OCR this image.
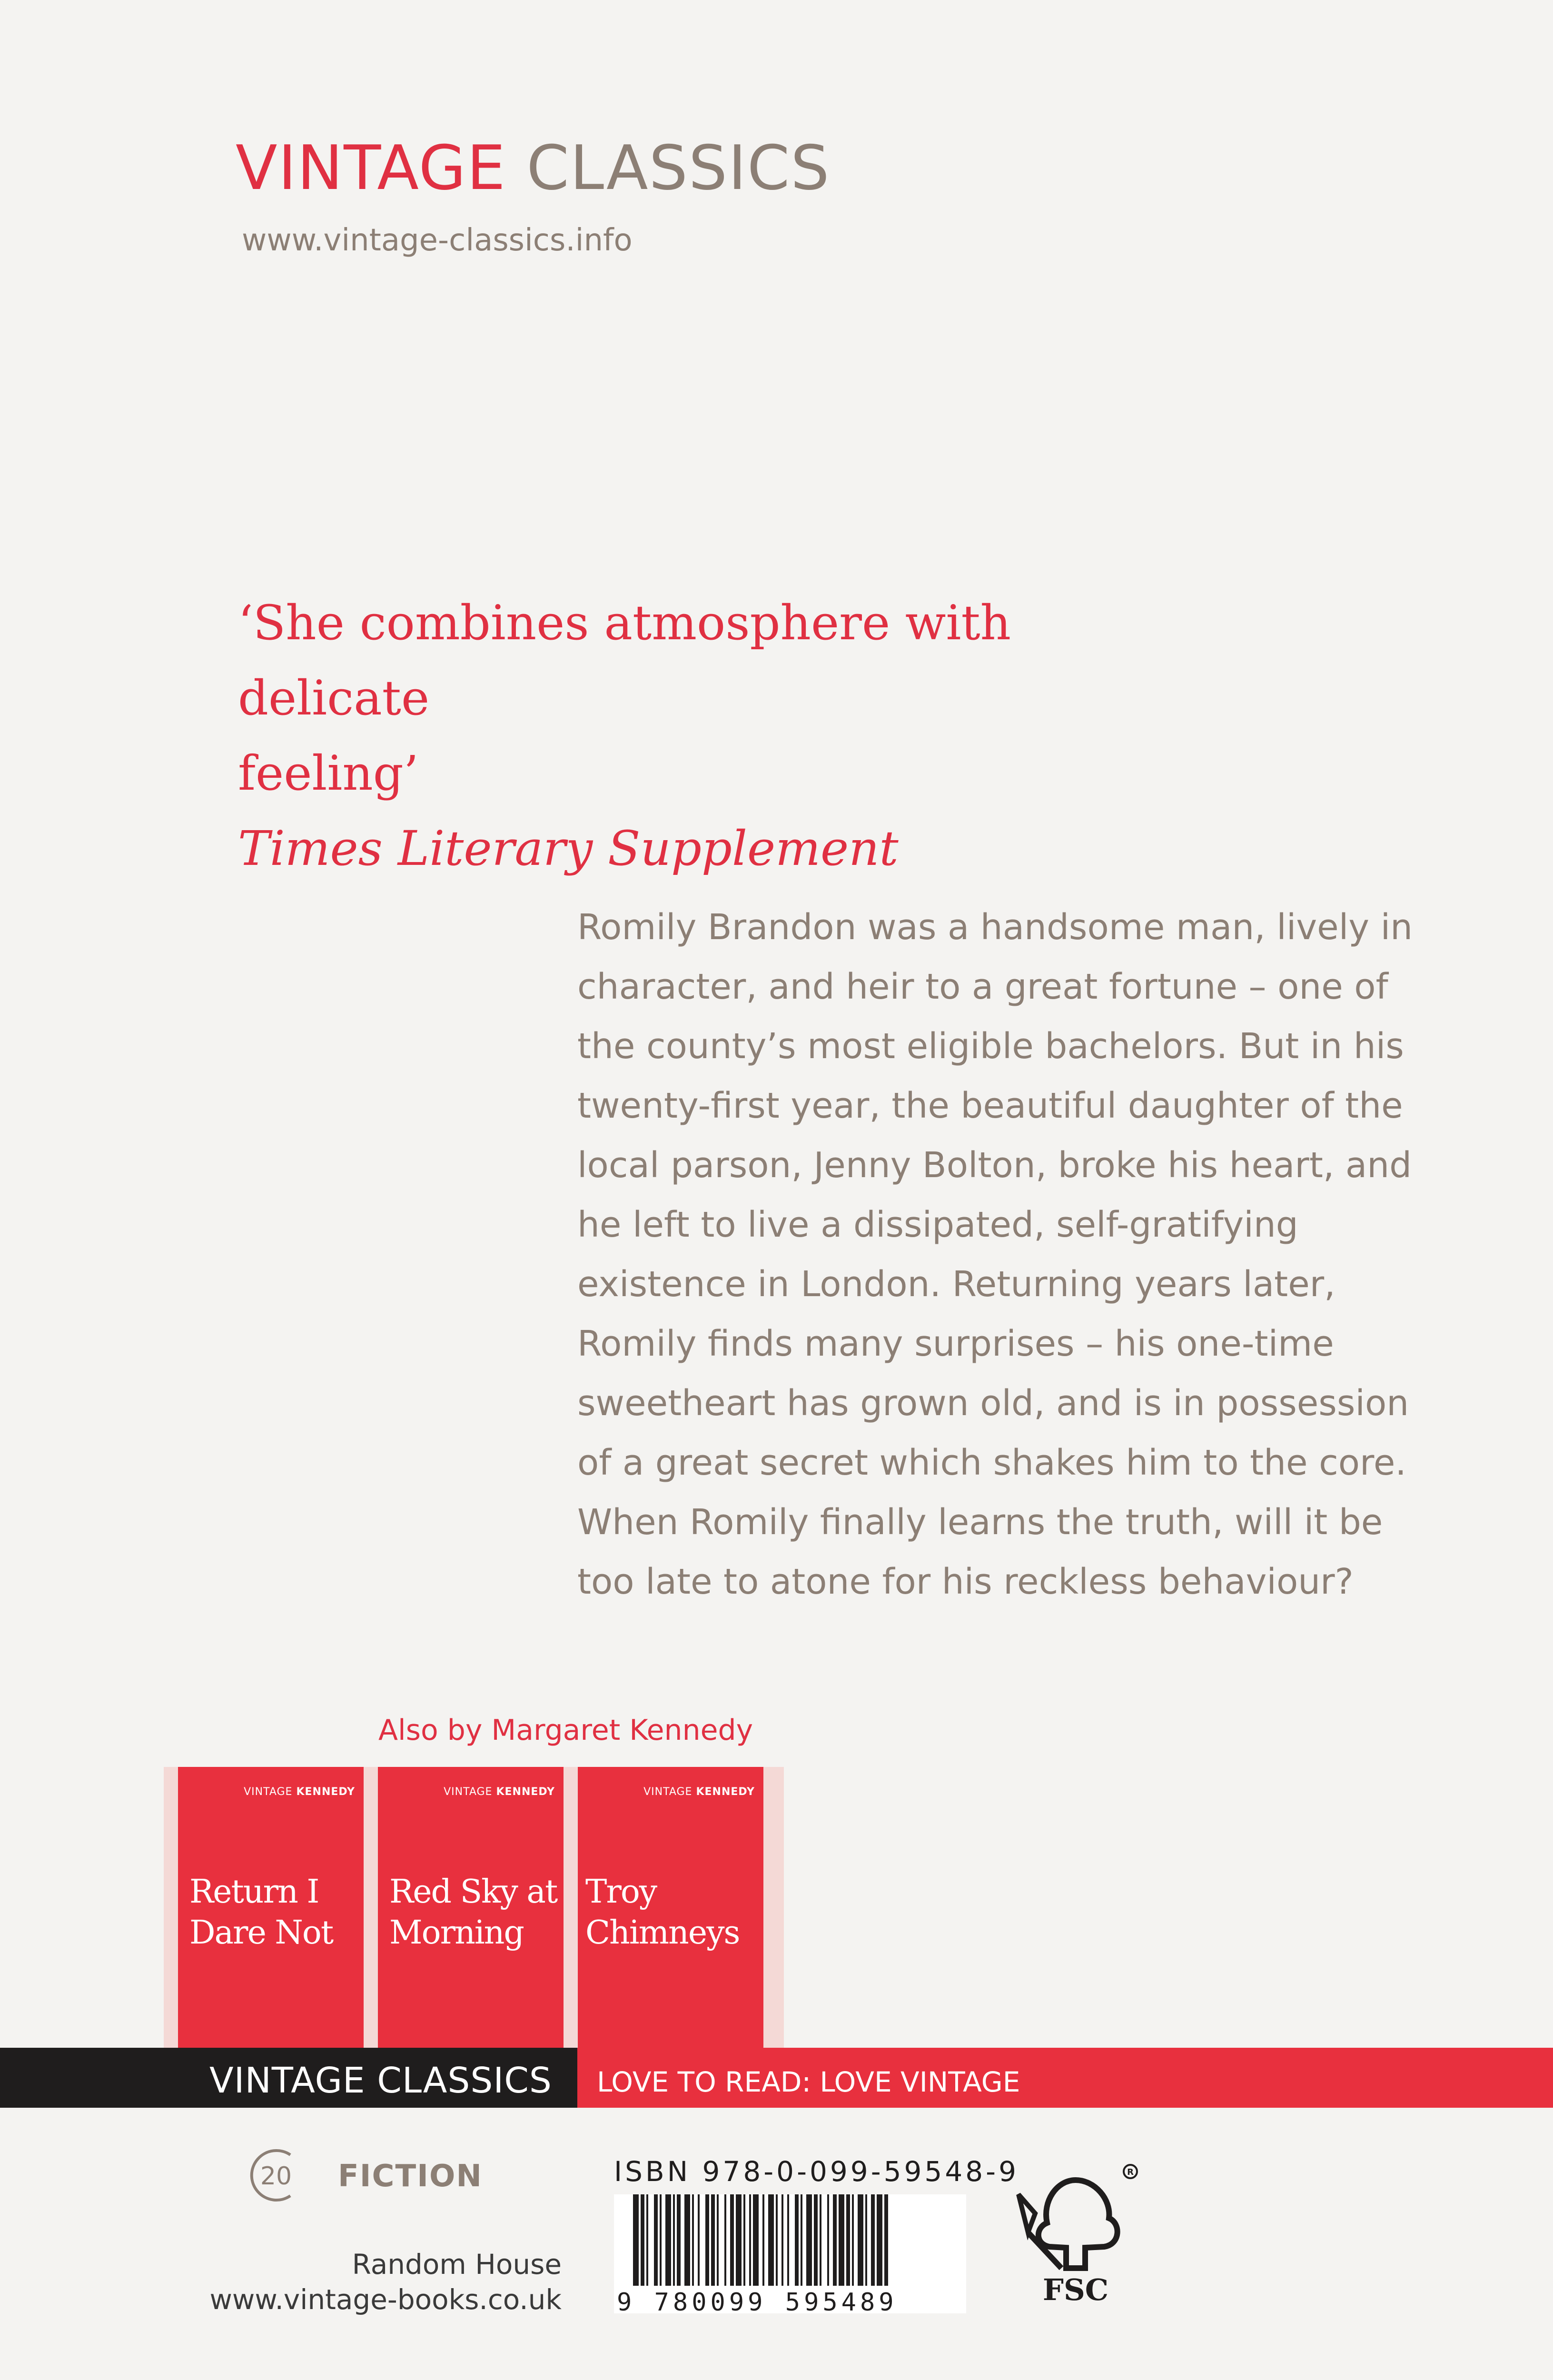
VINTAGE CLASSICS
www.vintage-classics.info
‘She combines atmosphere with delicate
feeling’
Times Literary Supplement
Romily Brandon was a handsome man, lively in
character, and heir to a great fortune – one of
the county’s most eligible bachelors. But in his
twenty-first year, the beautiful daughter of the
local parson, Jenny Bolton, broke his heart, and
he left to live a dissipated, self-gratifying
existence in London. Returning years later,
Romily finds many surprises – his one-time
sweetheart has grown old, and is in possession
of a great secret which shakes him to the core.
When Romily finally learns the truth, will it be
too late to atone for his reckless behaviour?
Also by Margaret Kennedy
VINTAGE KENNEDY
Return I
Dare Not
VINTAGE KENNEDY
Red Sky at
Morning
VINTAGE KENNEDY
Troy
Chimneys
VINTAGE CLASSICS LOVE TO READ: LOVE VINTAGE
20 FICTION
Random House
www.vintage-books.co.uk
ISBN 978-0-099-59548-9
9 780099 595489
R
FSC
